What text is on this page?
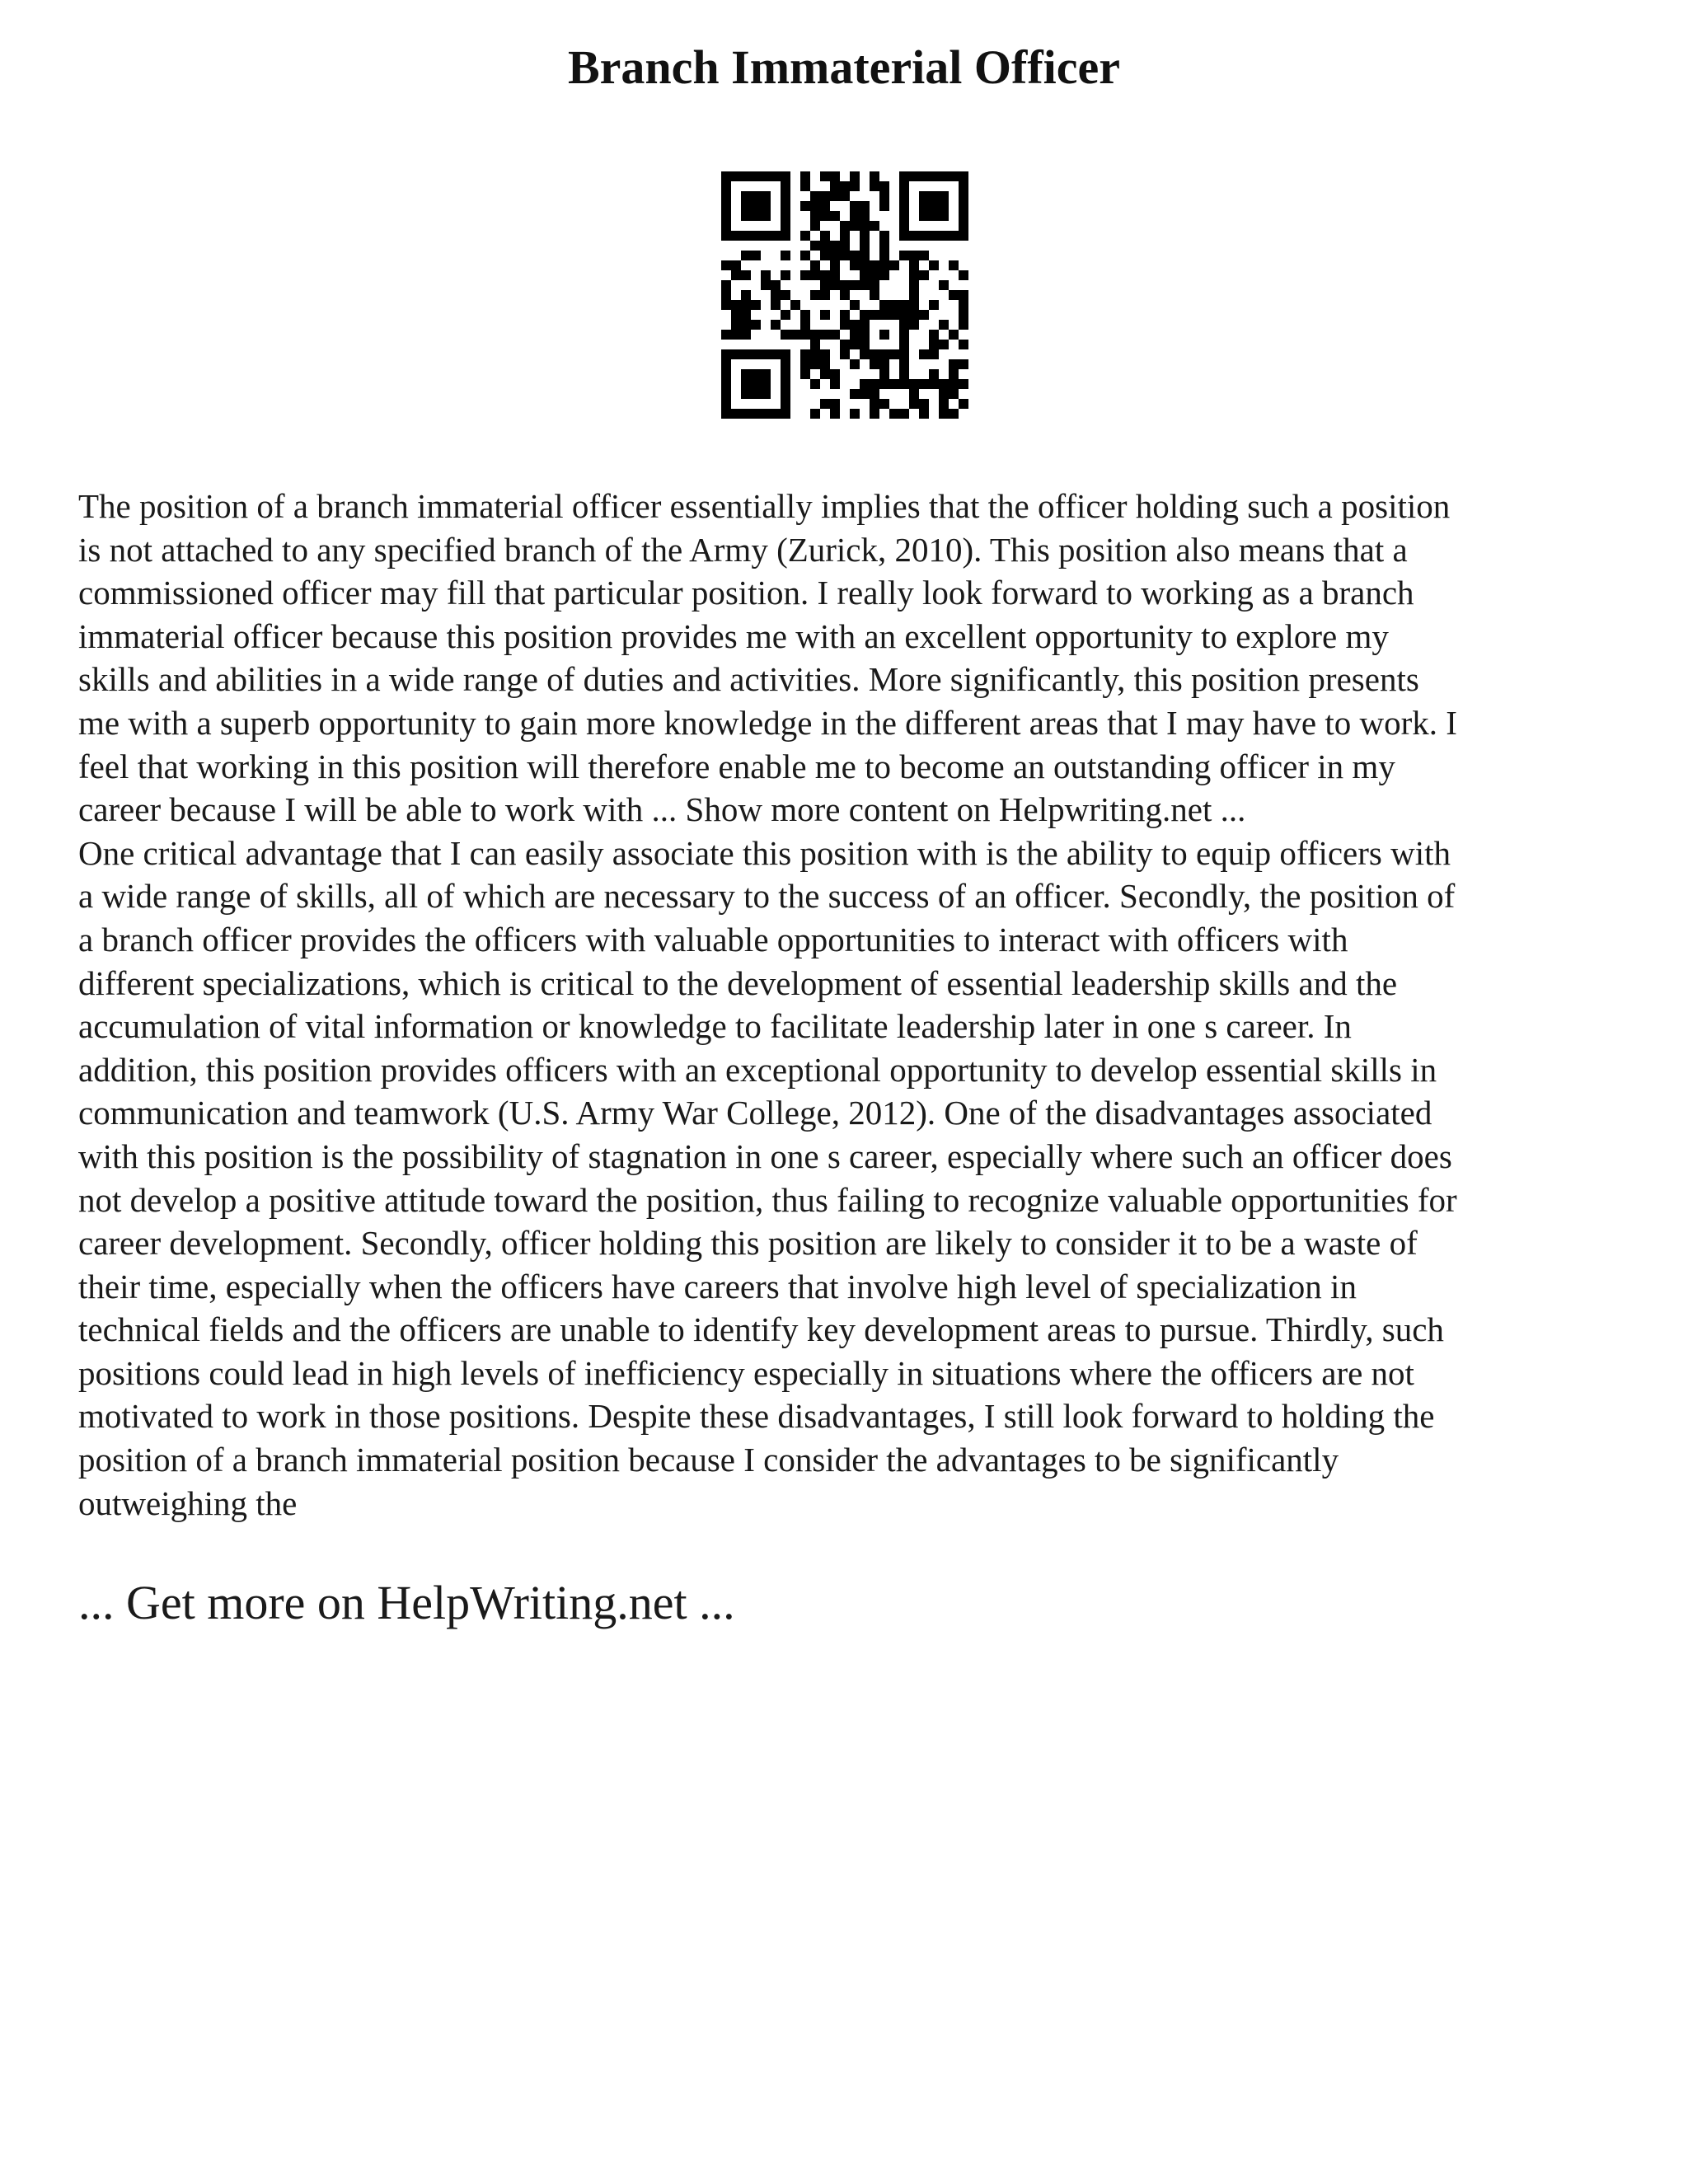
Branch Immaterial Officer
The position of a branch immaterial officer essentially implies that the officer holding such a position
is not attached to any specified branch of the Army (Zurick, 2010). This position also means that a
commissioned officer may fill that particular position. I really look forward to working as a branch
immaterial officer because this position provides me with an excellent opportunity to explore my
skills and abilities in a wide range of duties and activities. More significantly, this position presents
me with a superb opportunity to gain more knowledge in the different areas that I may have to work. I
feel that working in this position will therefore enable me to become an outstanding officer in my
career because I will be able to work with ... Show more content on Helpwriting.net ...
One critical advantage that I can easily associate this position with is the ability to equip officers with
a wide range of skills, all of which are necessary to the success of an officer. Secondly, the position of
a branch officer provides the officers with valuable opportunities to interact with officers with
different specializations, which is critical to the development of essential leadership skills and the
accumulation of vital information or knowledge to facilitate leadership later in one s career. In
addition, this position provides officers with an exceptional opportunity to develop essential skills in
communication and teamwork (U.S. Army War College, 2012). One of the disadvantages associated
with this position is the possibility of stagnation in one s career, especially where such an officer does
not develop a positive attitude toward the position, thus failing to recognize valuable opportunities for
career development. Secondly, officer holding this position are likely to consider it to be a waste of
their time, especially when the officers have careers that involve high level of specialization in
technical fields and the officers are unable to identify key development areas to pursue. Thirdly, such
positions could lead in high levels of inefficiency especially in situations where the officers are not
motivated to work in those positions. Despite these disadvantages, I still look forward to holding the
position of a branch immaterial position because I consider the advantages to be significantly
outweighing the

... Get more on HelpWriting.net ...
